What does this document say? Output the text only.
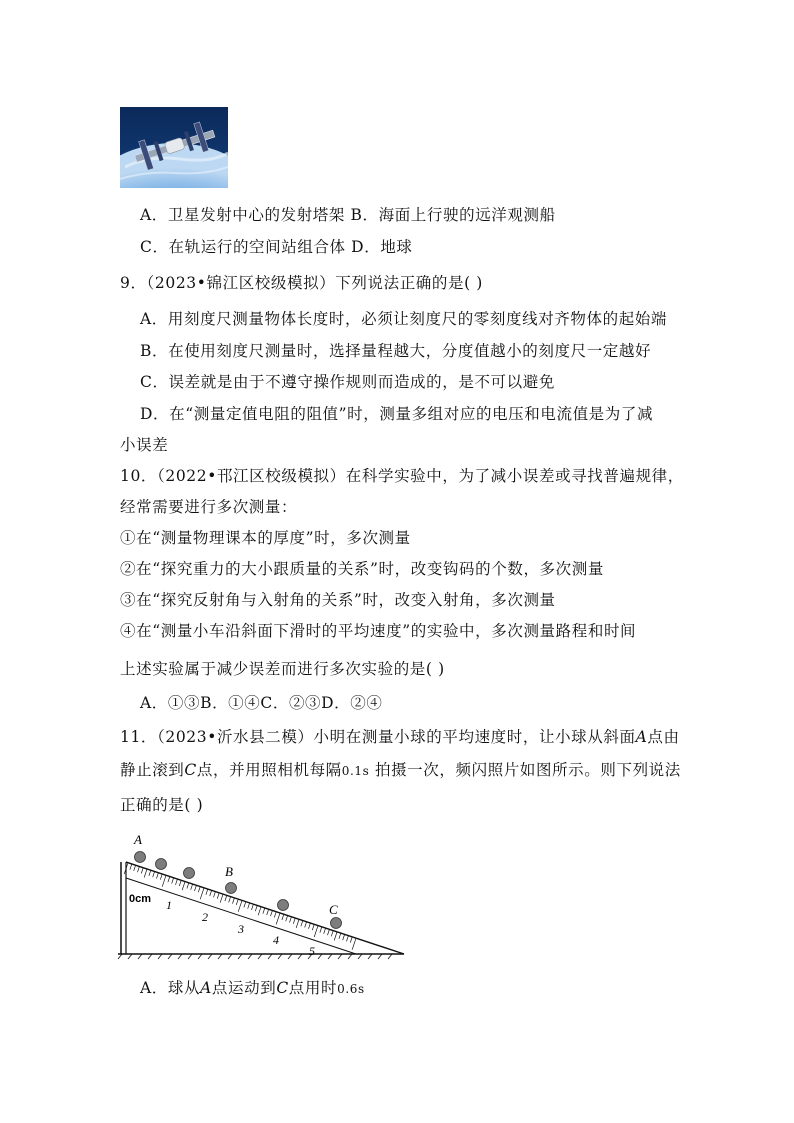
A．卫星发射中心的发射塔架 B．海面上行驶的远洋观测船
C．在轨运行的空间站组合体 D．地球
9．（2023•锦江区校级模拟）下列说法正确的是( )
A．用刻度尺测量物体长度时，必须让刻度尺的零刻度线对齐物体的起始端
B．在使用刻度尺测量时，选择量程越大，分度值越小的刻度尺一定越好
C．误差就是由于不遵守操作规则而造成的，是不可以避免
D．在“测量定值电阻的阻值”时，测量多组对应的电压和电流值是为了减
小误差
10．（2022•邗江区校级模拟）在科学实验中，为了减小误差或寻找普遍规律，
经常需要进行多次测量：
①在“测量物理课本的厚度”时，多次测量
②在“探究重力的大小跟质量的关系”时，改变钩码的个数，多次测量
③在“探究反射角与入射角的关系”时，改变入射角，多次测量
④在“测量小车沿斜面下滑时的平均速度”的实验中，多次测量路程和时间
上述实验属于减少误差而进行多次实验的是( )
A．①③B．①④C．②③D．②④
11．（2023•沂水县二模）小明在测量小球的平均速度时，让小球从斜面A点由
静止滚到C点，并用照相机每隔0.1s 拍摄一次，频闪照片如图所示。则下列说法
正确的是( )
A
B
C
0cm 1
2
3
4
5
A．球从A点运动到C点用时0.6s
